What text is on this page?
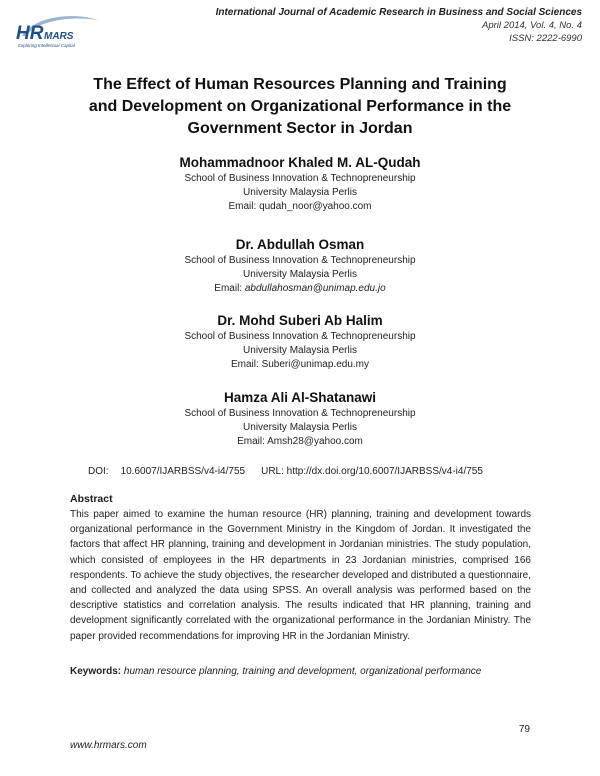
HR MARS
Exploring Intellectual Capital
International Journal of Academic Research in Business and Social Sciences
April 2014, Vol. 4, No. 4
ISSN: 2222-6990
The Effect of Human Resources Planning and Training
and Development on Organizational Performance in the
Government Sector in Jordan
Mohammadnoor Khaled M. AL-Qudah
School of Business Innovation & Technopreneurship
University Malaysia Perlis
Email: qudah_noor@yahoo.com
Dr. Abdullah Osman
School of Business Innovation & Technopreneurship
University Malaysia Perlis
Email: abdullahosman@unimap.edu.jo
Dr. Mohd Suberi Ab Halim
School of Business Innovation & Technopreneurship
University Malaysia Perlis
Email: Suberi@unimap.edu.my
Hamza Ali Al-Shatanawi
School of Business Innovation & Technopreneurship
University Malaysia Perlis
Email: Amsh28@yahoo.com
DOI: 10.6007/IJARBSS/v4-i4/755 URL: http://dx.doi.org/10.6007/IJARBSS/v4-i4/755
Abstract
This paper aimed to examine the human resource (HR) planning, training and development towards organizational performance in the Government Ministry in the Kingdom of Jordan. It investigated the factors that affect HR planning, training and development in Jordanian ministries. The study population, which consisted of employees in the HR departments in 23 Jordanian ministries, comprised 166 respondents. To achieve the study objectives, the researcher developed and distributed a questionnaire, and collected and analyzed the data using SPSS. An overall analysis was performed based on the descriptive statistics and correlation analysis. The results indicated that HR planning, training and development significantly correlated with the organizational performance in the Jordanian Ministry. The paper provided recommendations for improving HR in the Jordanian Ministry.
Keywords: human resource planning, training and development, organizational performance
79
www.hrmars.com
